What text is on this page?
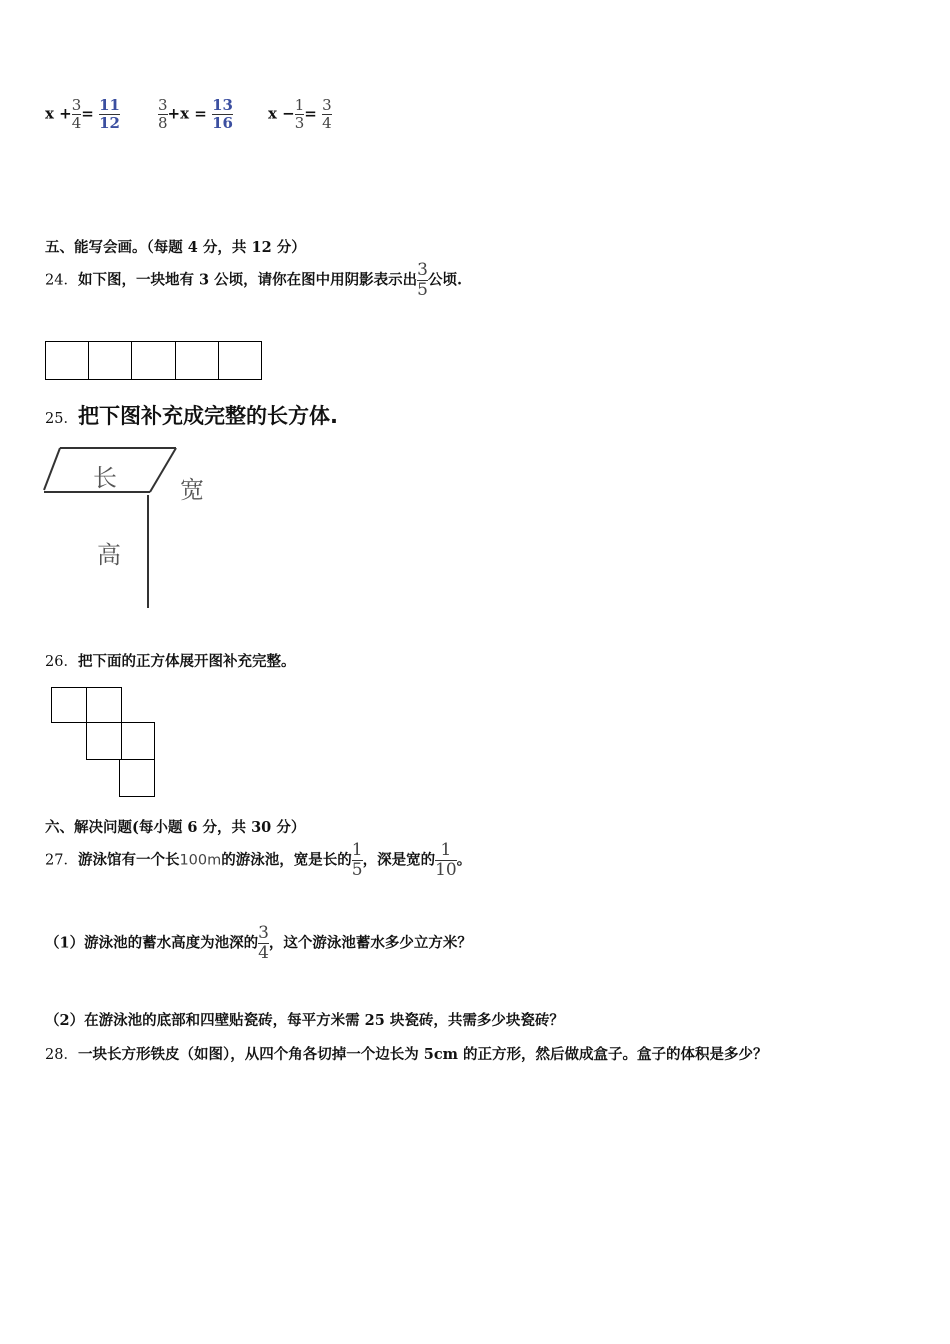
$x + \frac{3}{4} = \frac{11}{12}$	$\frac{3}{8} +x = \frac{13}{16}$ $x - \frac{1}{3} = \frac{3}{4}$
五、能写会画。（每题 4 分，共 12 分）
24．如下图，一块地有 3 公顷，请你在图中用阴影表示出 $\frac{3}{5}$ 公顷.
25．把下图补充成完整的长方体.
长	宽
高
26．把下面的正方体展开图补充完整。
六、解决问题(每小题 6 分，共 30 分）
27．游泳馆有一个长100m的游泳池，宽是长的 $\frac{1}{5}$ ，深是宽的 $\frac{1}{10}$ 。
（1）游泳池的蓄水高度为池深的 $\frac{3}{4}$ ，这个游泳池蓄水多少立方米？
（2）在游泳池的底部和四壁贴瓷砖，每平方米需 25 块瓷砖，共需多少块瓷砖？
28．一块长方形铁皮（如图），从四个角各切掉一个边长为 5cm 的正方形，然后做成盒子。盒子的体积是多少？
